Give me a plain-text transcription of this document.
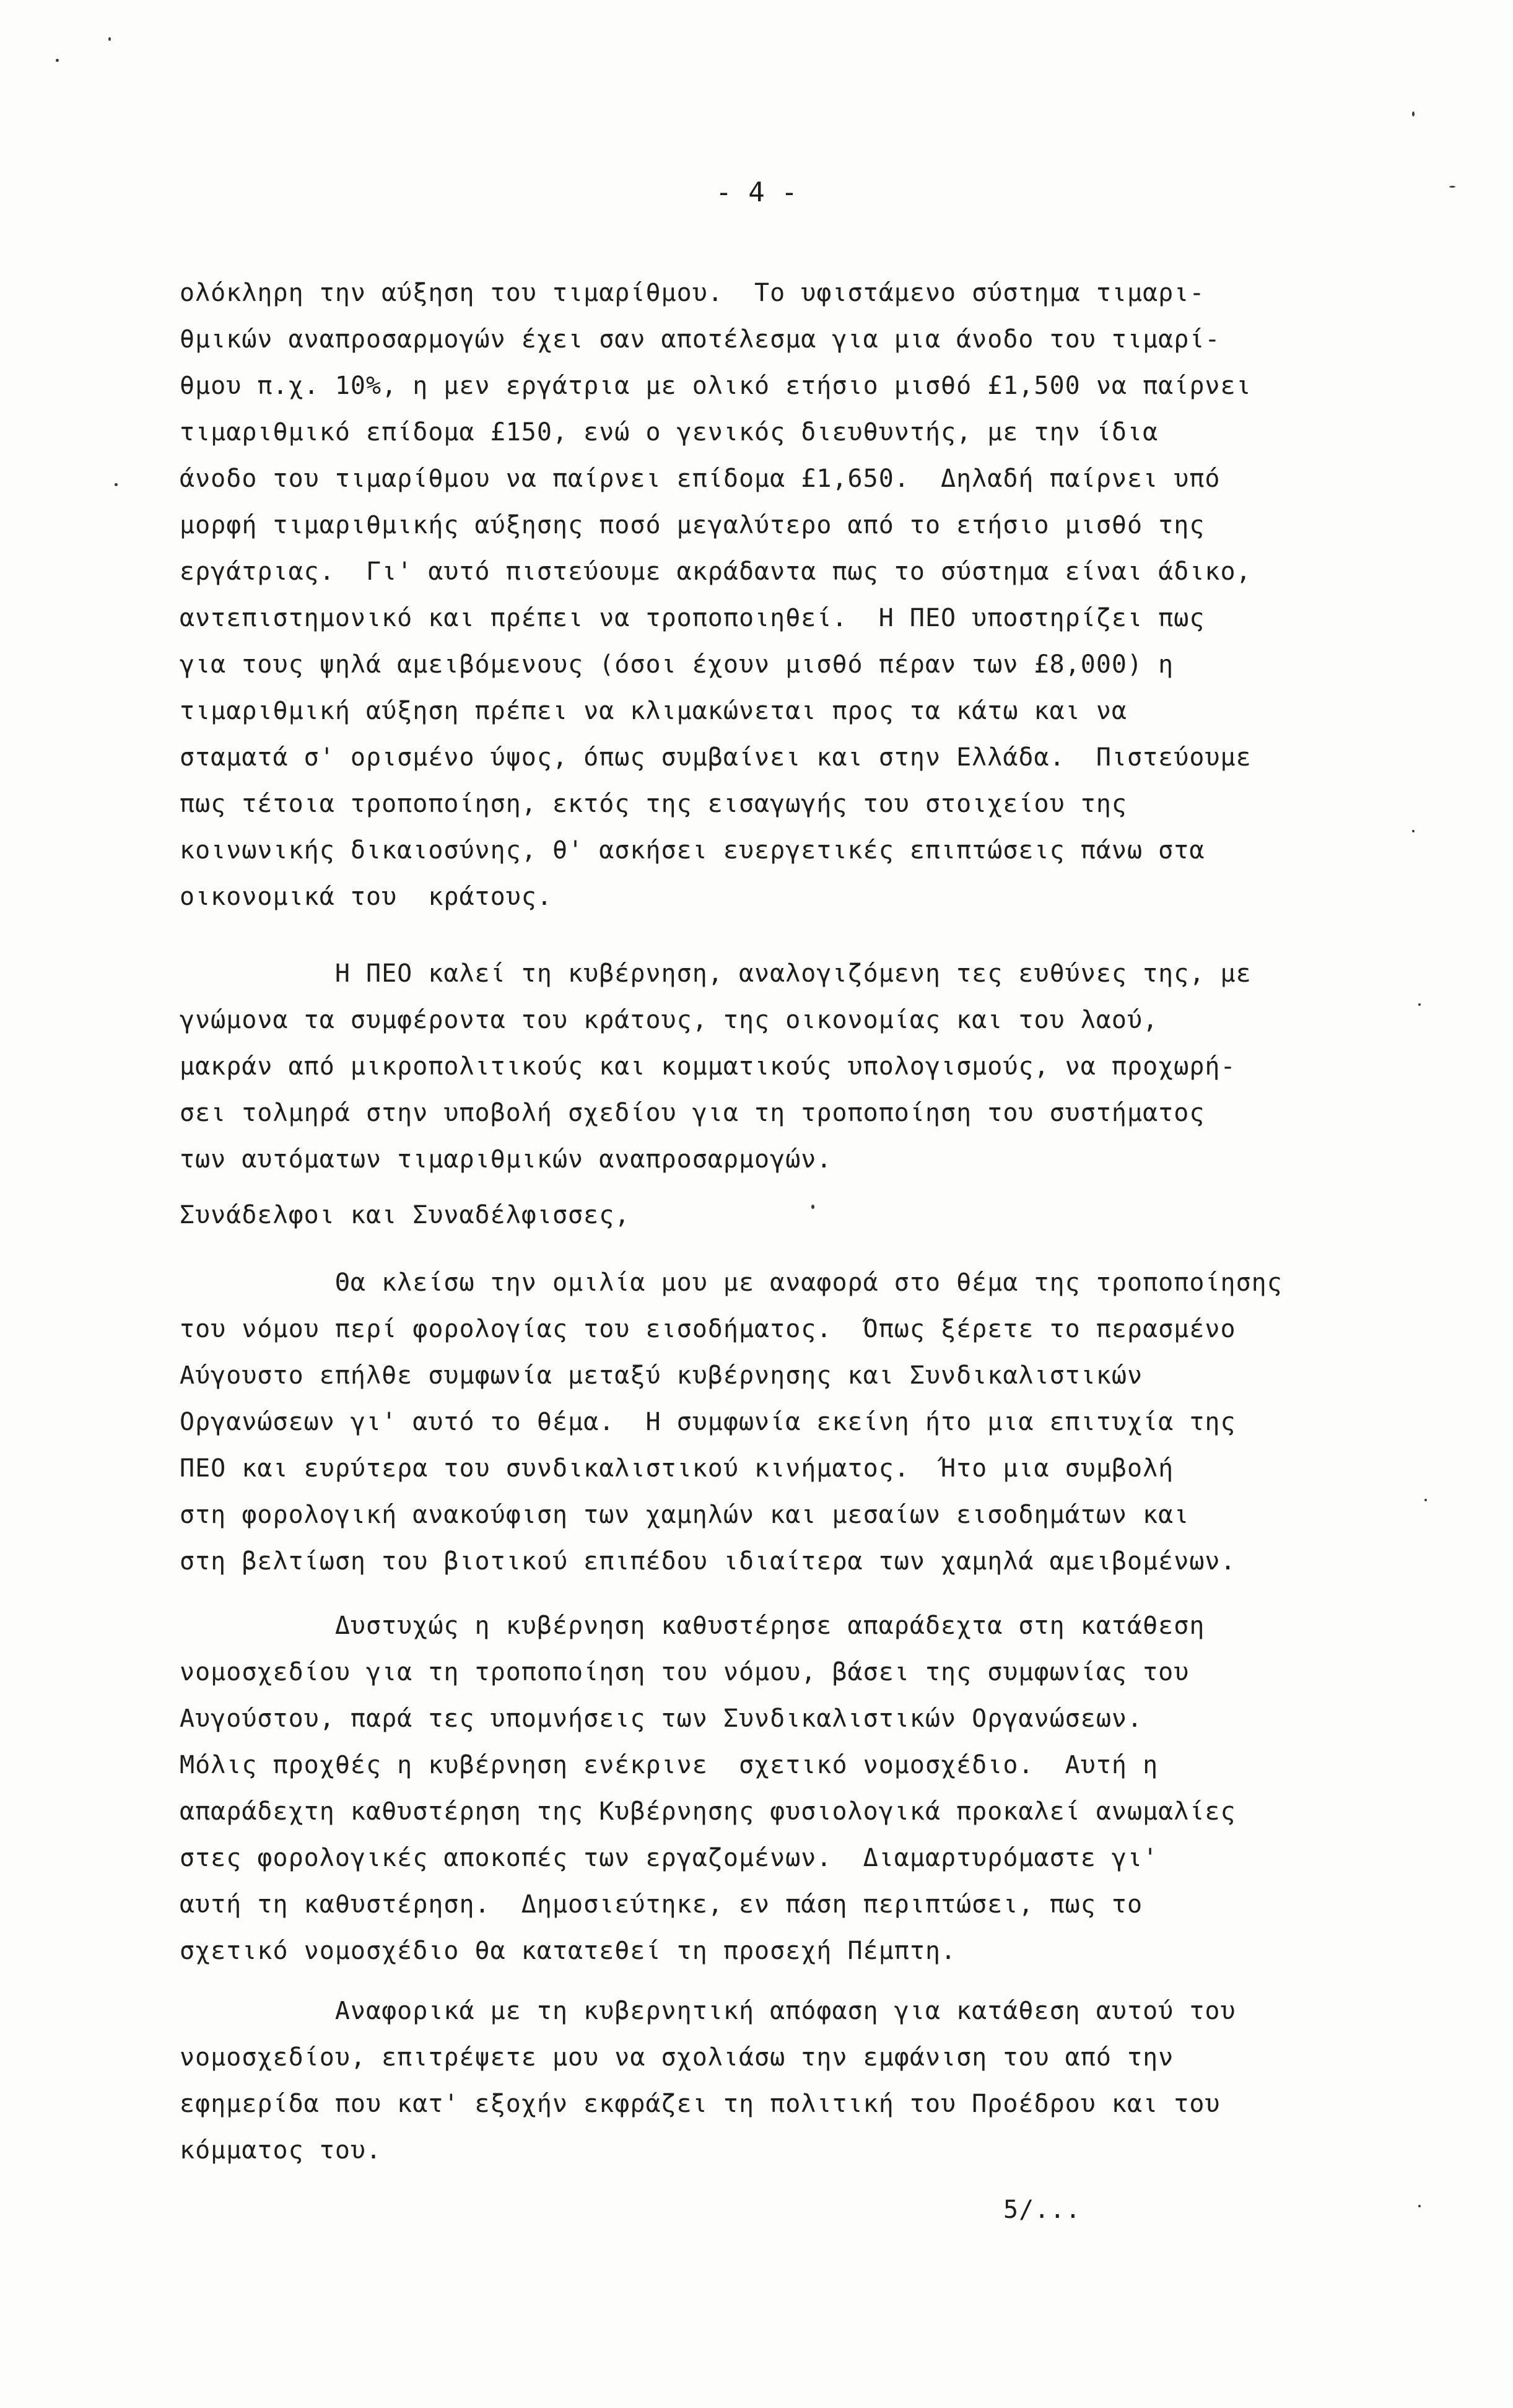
- 4 -
ολόκληρη την αύξηση του τιμαρίθμου.  Το υφιστάμενο σύστημα τιμαρι-
θμικών αναπροσαρμογών έχει σαν αποτέλεσμα για μια άνοδο του τιμαρί-
θμου π.χ. 10%, η μεν εργάτρια με ολικό ετήσιο μισθό £1,500 να παίρνει
τιμαριθμικό επίδομα £150, ενώ ο γενικός διευθυντής, με την ίδια
άνοδο του τιμαρίθμου να παίρνει επίδομα £1,650.  Δηλαδή παίρνει υπό
μορφή τιμαριθμικής αύξησης ποσό μεγαλύτερο από το ετήσιο μισθό της
εργάτριας.  Γι' αυτό πιστεύουμε ακράδαντα πως το σύστημα είναι άδικο,
αντεπιστημονικό και πρέπει να τροποποιηθεί.  Η ΠΕΟ υποστηρίζει πως
για τους ψηλά αμειβόμενους (όσοι έχουν μισθό πέραν των £8,000) η
τιμαριθμική αύξηση πρέπει να κλιμακώνεται προς τα κάτω και να
σταματά σ' ορισμένο ύψος, όπως συμβαίνει και στην Ελλάδα.  Πιστεύουμε
πως τέτοια τροποποίηση, εκτός της εισαγωγής του στοιχείου της
κοινωνικής δικαιοσύνης, θ' ασκήσει ευεργετικές επιπτώσεις πάνω στα
οικονομικά του  κράτους.
Η ΠΕΟ καλεί τη κυβέρνηση, αναλογιζόμενη τες ευθύνες της, με
γνώμονα τα συμφέροντα του κράτους, της οικονομίας και του λαού,
μακράν από μικροπολιτικούς και κομματικούς υπολογισμούς, να προχωρή-
σει τολμηρά στην υποβολή σχεδίου για τη τροποποίηση του συστήματος
των αυτόματων τιμαριθμικών αναπροσαρμογών.
Συνάδελφοι και Συναδέλφισσες,
Θα κλείσω την ομιλία μου με αναφορά στο θέμα της τροποποίησης
του νόμου περί φορολογίας του εισοδήματος.  Όπως ξέρετε το περασμένο
Αύγουστο επήλθε συμφωνία μεταξύ κυβέρνησης και Συνδικαλιστικών
Οργανώσεων γι' αυτό το θέμα.  Η συμφωνία εκείνη ήτο μια επιτυχία της
ΠΕΟ και ευρύτερα του συνδικαλιστικού κινήματος.  Ήτο μια συμβολή
στη φορολογική ανακούφιση των χαμηλών και μεσαίων εισοδημάτων και
στη βελτίωση του βιοτικού επιπέδου ιδιαίτερα των χαμηλά αμειβομένων.
Δυστυχώς η κυβέρνηση καθυστέρησε απαράδεχτα στη κατάθεση
νομοσχεδίου για τη τροποποίηση του νόμου, βάσει της συμφωνίας του
Αυγούστου, παρά τες υπομνήσεις των Συνδικαλιστικών Οργανώσεων.
Μόλις προχθές η κυβέρνηση ενέκρινε  σχετικό νομοσχέδιο.  Αυτή η
απαράδεχτη καθυστέρηση της Κυβέρνησης φυσιολογικά προκαλεί ανωμαλίες
στες φορολογικές αποκοπές των εργαζομένων.  Διαμαρτυρόμαστε γι'
αυτή τη καθυστέρηση.  Δημοσιεύτηκε, εν πάση περιπτώσει, πως το
σχετικό νομοσχέδιο θα κατατεθεί τη προσεχή Πέμπτη.
Αναφορικά με τη κυβερνητική απόφαση για κατάθεση αυτού του
νομοσχεδίου, επιτρέψετε μου να σχολιάσω την εμφάνιση του από την
εφημερίδα που κατ' εξοχήν εκφράζει τη πολιτική του Προέδρου και του
κόμματος του.
5/...
